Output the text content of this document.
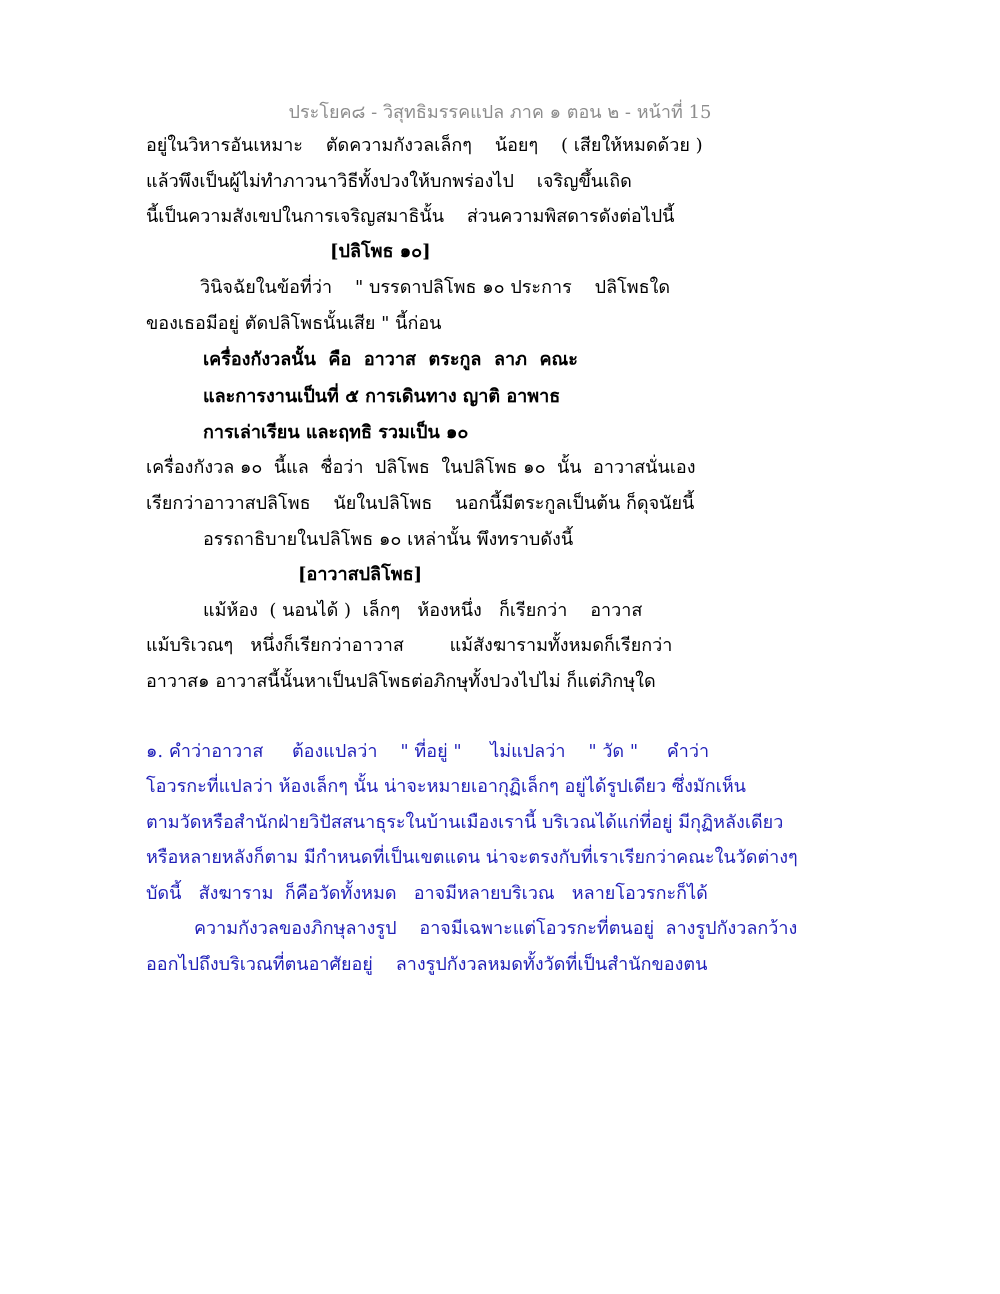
ประโยค๘ - วิสุทธิมรรคแปล ภาค ๑ ตอน ๒ - หน้าที่ 15
อยู่ในวิหารอันเหมาะ    ตัดความกังวลเล็กๆ    น้อยๆ    ( เสียให้หมดด้วย )
แล้วพึงเป็นผู้ไม่ทำภาวนาวิธีทั้งปวงให้บกพร่องไป    เจริญขึ้นเถิด
นี้เป็นความสังเขปในการเจริญสมาธินั้น    ส่วนความพิสดารดังต่อไปนี้
[ปลิโพธ ๑๐]
วินิจฉัยในข้อที่ว่า    " บรรดาปลิโพธ ๑๐ ประการ    ปลิโพธใด
ของเธอมีอยู่ ตัดปลิโพธนั้นเสีย " นี้ก่อน
เครื่องกังวลนั้น  คือ  อาวาส  ตระกูล  ลาภ  คณะ
และการงานเป็นที่ ๕ การเดินทาง ญาติ อาพาธ
การเล่าเรียน และฤทธิ รวมเป็น ๑๐
เครื่องกังวล ๑๐  นี้แล  ชื่อว่า  ปลิโพธ  ในปลิโพธ ๑๐  นั้น  อาวาสนั่นเอง
เรียกว่าอาวาสปลิโพธ    นัยในปลิโพธ    นอกนี้มีตระกูลเป็นต้น ก็ดุจนัยนี้
อรรถาธิบายในปลิโพธ ๑๐ เหล่านั้น พึงทราบดังนี้
[อาวาสปลิโพธ]
แม้ห้อง  ( นอนได้ )  เล็กๆ   ห้องหนึ่ง   ก็เรียกว่า    อาวาส
แม้บริเวณๆ   หนึ่งก็เรียกว่าอาวาส        แม้สังฆารามทั้งหมดก็เรียกว่า
อาวาส๑ อาวาสนี้นั้นหาเป็นปลิโพธต่อภิกษุทั้งปวงไปไม่ ก็แต่ภิกษุใด
๑. คำว่าอาวาส     ต้องแปลว่า    " ที่อยู่ "     ไม่แปลว่า    " วัด "     คำว่า
โอวรกะที่แปลว่า ห้องเล็กๆ นั้น น่าจะหมายเอากุฏิเล็กๆ อยู่ได้รูปเดียว ซึ่งมักเห็น
ตามวัดหรือสำนักฝ่ายวิปัสสนาธุระในบ้านเมืองเรานี้ บริเวณได้แก่ที่อยู่ มีกุฏิหลังเดียว
หรือหลายหลังก็ตาม มีกำหนดที่เป็นเขตแดน น่าจะตรงกับที่เราเรียกว่าคณะในวัดต่างๆ
บัดนี้   สังฆาราม  ก็คือวัดทั้งหมด   อาจมีหลายบริเวณ   หลายโอวรกะก็ได้
ความกังวลของภิกษุลางรูป    อาจมีเฉพาะแต่โอวรกะที่ตนอยู่  ลางรูปกังวลกว้าง
ออกไปถึงบริเวณที่ตนอาศัยอยู่    ลางรูปกังวลหมดทั้งวัดที่เป็นสำนักของตน
